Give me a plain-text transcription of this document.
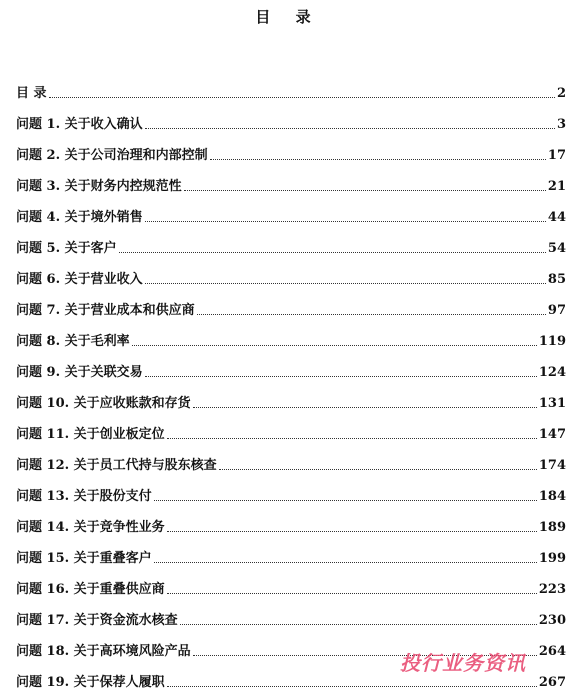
目 录
目 录	2
问题 1. 关于收入确认	3
问题 2. 关于公司治理和内部控制	17
问题 3. 关于财务内控规范性	21
问题 4. 关于境外销售	44
问题 5. 关于客户	54
问题 6. 关于营业收入	85
问题 7. 关于营业成本和供应商	97
问题 8. 关于毛利率	119
问题 9. 关于关联交易	124
问题 10. 关于应收账款和存货	131
问题 11. 关于创业板定位	147
问题 12. 关于员工代持与股东核查	174
问题 13. 关于股份支付	184
问题 14. 关于竞争性业务	189
问题 15. 关于重叠客户	199
问题 16. 关于重叠供应商	223
问题 17. 关于资金流水核查	230
问题 18. 关于高环境风险产品	264
问题 19. 关于保荐人履职	267
投行业务资讯
